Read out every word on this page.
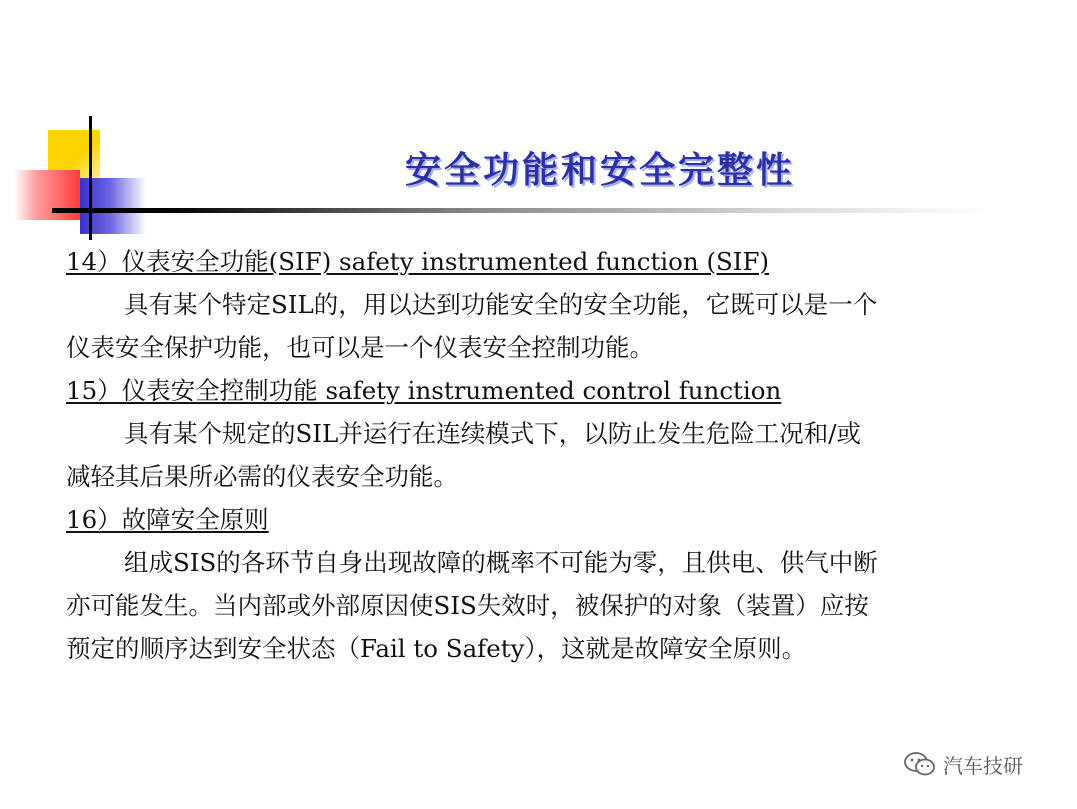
安全功能和安全完整性
14）仪表安全功能(SIF) safety instrumented function (SIF)
具有某个特定SIL的，用以达到功能安全的安全功能，它既可以是一个
仪表安全保护功能，也可以是一个仪表安全控制功能。
15）仪表安全控制功能 safety instrumented control function
具有某个规定的SIL并运行在连续模式下，以防止发生危险工况和/或
减轻其后果所必需的仪表安全功能。
16）故障安全原则
组成SIS的各环节自身出现故障的概率不可能为零，且供电、供气中断
亦可能发生。当内部或外部原因使SIS失效时，被保护的对象（装置）应按
预定的顺序达到安全状态（Fail to Safety），这就是故障安全原则。
汽车技研
